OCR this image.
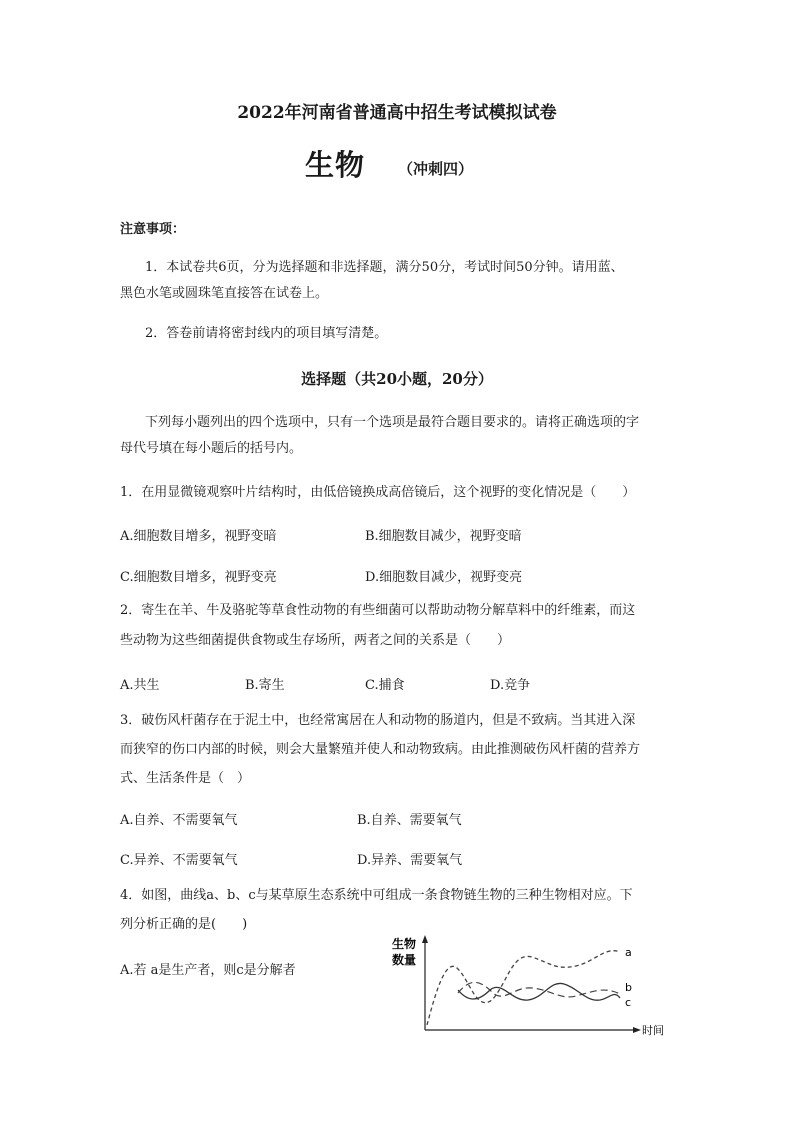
2022年河南省普通高中招生考试模拟试卷
生物 （冲刺四）
注意事项：
1．本试卷共6页，分为选择题和非选择题，满分50分，考试时间50分钟。请用蓝、
黑色水笔或圆珠笔直接答在试卷上。
2．答卷前请将密封线内的项目填写清楚。
选择题（共20小题，20分）
下列每小题列出的四个选项中，只有一个选项是最符合题目要求的。请将正确选项的字
母代号填在每小题后的括号内。
1．在用显微镜观察叶片结构时，由低倍镜换成高倍镜后，这个视野的变化情况是（　　）
A.细胞数目增多，视野变暗	B.细胞数目减少，视野变暗
C.细胞数目增多，视野变亮	D.细胞数目减少，视野变亮
2．寄生在羊、牛及骆驼等草食性动物的有些细菌可以帮助动物分解草料中的纤维素，而这
些动物为这些细菌提供食物或生存场所，两者之间的关系是（　　）
A.共生	B.寄生	C.捕食	D.竞争
3．破伤风杆菌存在于泥土中，也经常寓居在人和动物的肠道内，但是不致病。当其进入深
而狭窄的伤口内部的时候，则会大量繁殖并使人和动物致病。由此推测破伤风杆菌的营养方
式、生活条件是（　）
A.自养、不需要氧气	B.自养、需要氧气
C.异养、不需要氧气	D.异养、需要氧气
4．如图，曲线a、b、c与某草原生态系统中可组成一条食物链生物的三种生物相对应。下
列分析正确的是(　　)
A.若 a是生产者，则c是分解者
生物
数量
时间
a
b
c
